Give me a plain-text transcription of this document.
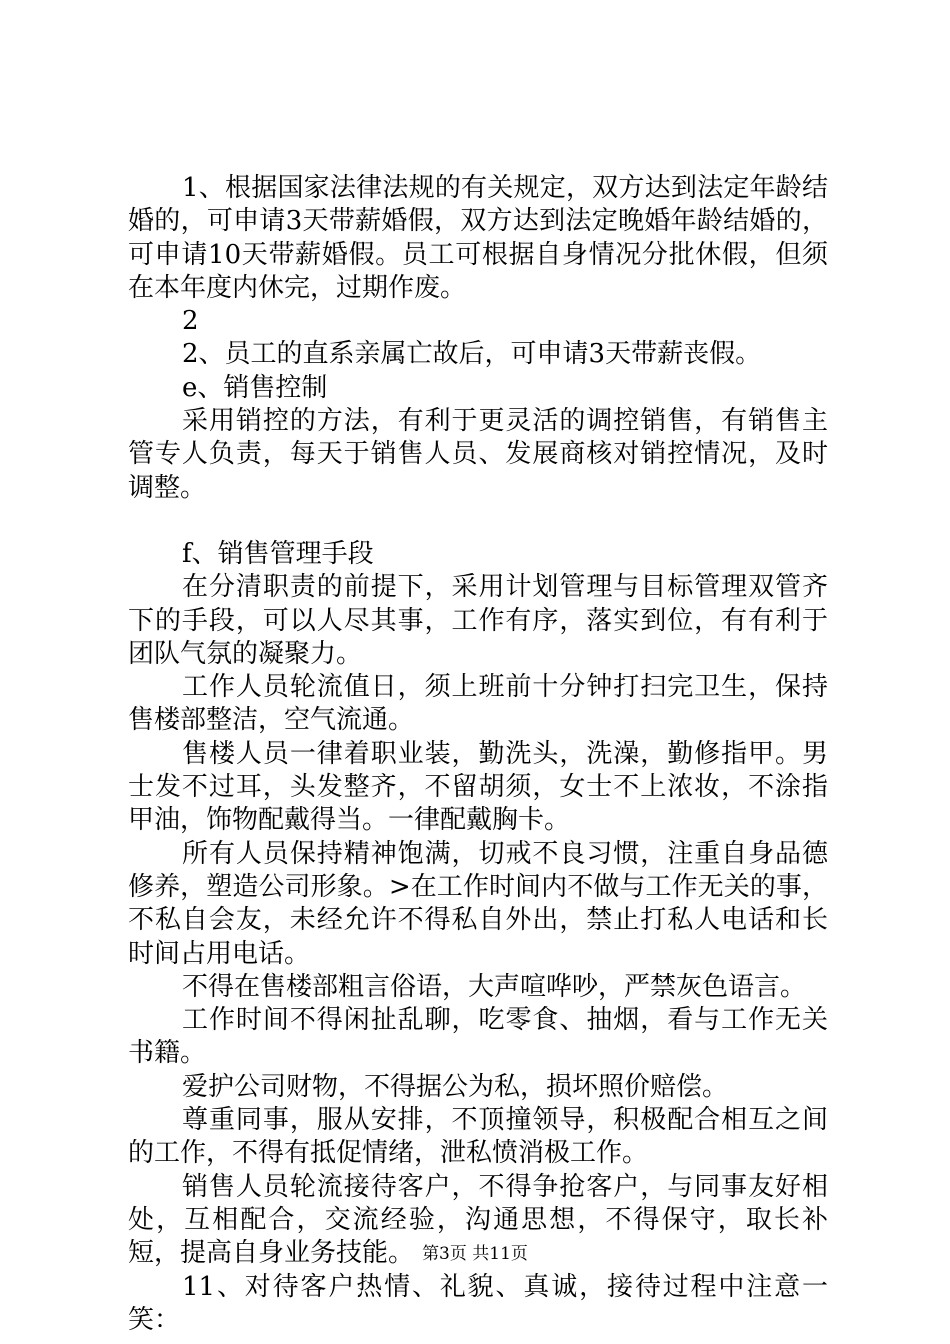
1、根据国家法律法规的有关规定，双方达到法定年龄结婚的，可申请3天带薪婚假，双方达到法定晚婚年龄结婚的，可申请10天带薪婚假。员工可根据自身情况分批休假，但须在本年度内休完，过期作废。

2

2、员工的直系亲属亡故后，可申请3天带薪丧假。

e、销售控制

采用销控的方法，有利于更灵活的调控销售，有销售主管专人负责，每天于销售人员、发展商核对销控情况，及时调整。

f、销售管理手段

在分清职责的前提下，采用计划管理与目标管理双管齐下的手段，可以人尽其事，工作有序，落实到位，有有利于团队气氛的凝聚力。

工作人员轮流值日，须上班前十分钟打扫完卫生，保持售楼部整洁，空气流通。

售楼人员一律着职业装，勤洗头，洗澡，勤修指甲。男士发不过耳，头发整齐，不留胡须，女士不上浓妆，不涂指甲油，饰物配戴得当。一律配戴胸卡。

所有人员保持精神饱满，切戒不良习惯，注重自身品德修养，塑造公司形象。>在工作时间内不做与工作无关的事，不私自会友，未经允许不得私自外出，禁止打私人电话和长时间占用电话。

不得在售楼部粗言俗语，大声喧哗吵，严禁灰色语言。

工作时间不得闲扯乱聊，吃零食、抽烟，看与工作无关书籍。

爱护公司财物，不得据公为私，损坏照价赔偿。

尊重同事，服从安排，不顶撞领导，积极配合相互之间的工作，不得有抵促情绪，泄私愤消极工作。

销售人员轮流接待客户，不得争抢客户，与同事友好相处，互相配合，交流经验，沟通思想，不得保守，取长补短，提高自身业务技能。

11、对待客户热情、礼貌、真诚，接待过程中注意一笑：

第3页 共11页
